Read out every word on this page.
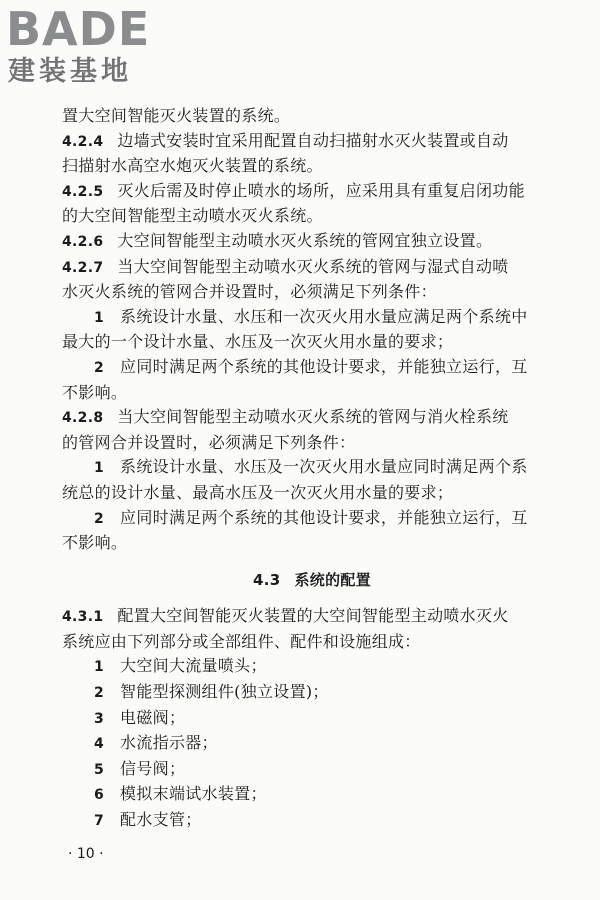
BADE
建装基地
置大空间智能灭火装置的系统。
4.2.4 边墙式安装时宜采用配置自动扫描射水灭火装置或自动
扫描射水高空水炮灭火装置的系统。
4.2.5 灭火后需及时停止喷水的场所，应采用具有重复启闭功能
的大空间智能型主动喷水灭火系统。
4.2.6 大空间智能型主动喷水灭火系统的管网宜独立设置。
4.2.7 当大空间智能型主动喷水灭火系统的管网与湿式自动喷
水灭火系统的管网合并设置时，必须满足下列条件：
1 系统设计水量、水压和一次灭火用水量应满足两个系统中
最大的一个设计水量、水压及一次灭火用水量的要求；
2 应同时满足两个系统的其他设计要求，并能独立运行，互
不影响。
4.2.8 当大空间智能型主动喷水灭火系统的管网与消火栓系统
的管网合并设置时，必须满足下列条件：
1 系统设计水量、水压及一次灭火用水量应同时满足两个系
统总的设计水量、最高水压及一次灭火用水量的要求；
2 应同时满足两个系统的其他设计要求，并能独立运行，互
不影响。
4.3 系统的配置
4.3.1 配置大空间智能灭火装置的大空间智能型主动喷水灭火
系统应由下列部分或全部组件、配件和设施组成：
1 大空间大流量喷头；
2 智能型探测组件(独立设置)；
3 电磁阀；
4 水流指示器；
5 信号阀；
6 模拟末端试水装置；
7 配水支管；
· 10 ·
